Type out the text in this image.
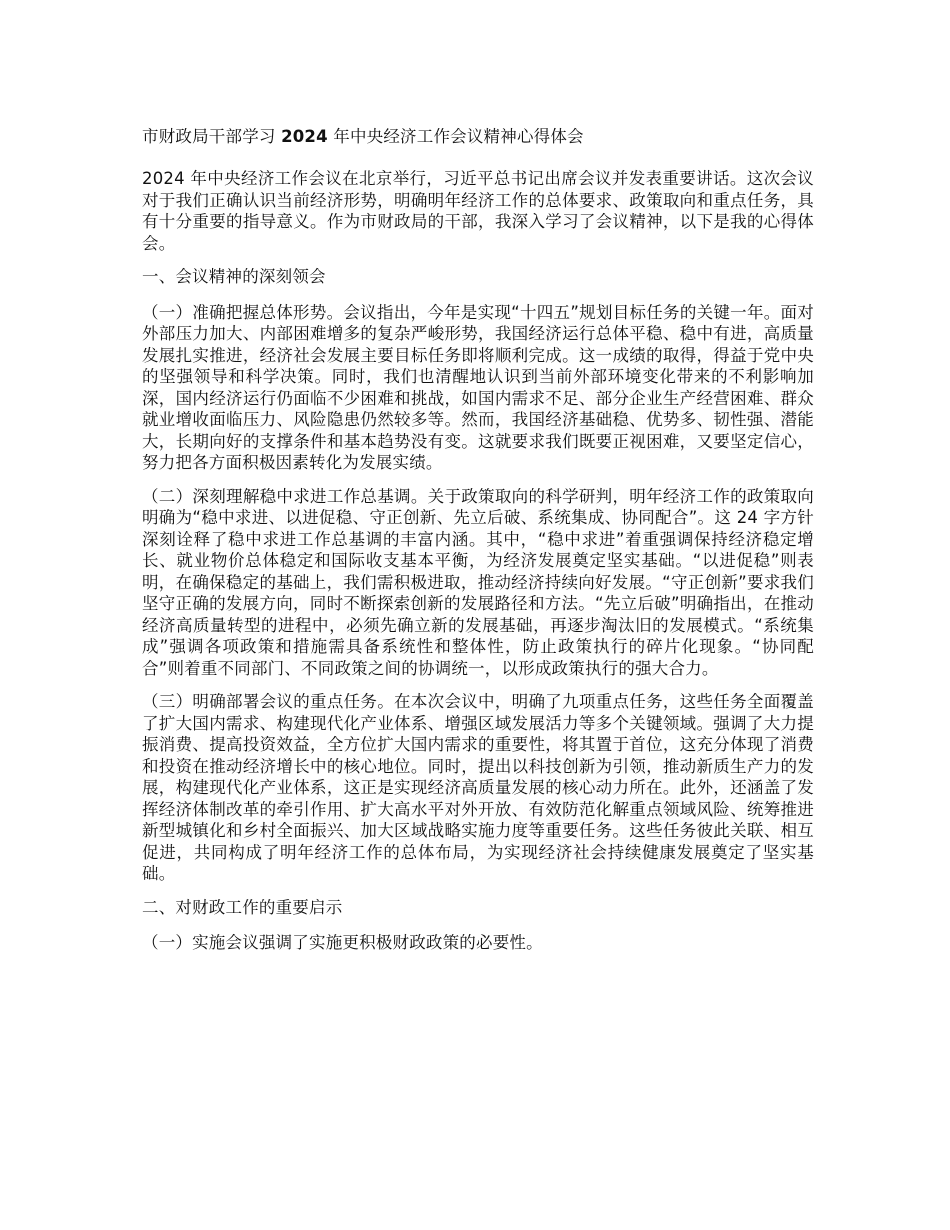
市财政局干部学习 2024 年中央经济工作会议精神心得体会

2024 年中央经济工作会议在北京举行，习近平总书记出席会议并发表重要讲话。这次会议对于我们正确认识当前经济形势，明确明年经济工作的总体要求、政策取向和重点任务，具有十分重要的指导意义。作为市财政局的干部，我深入学习了会议精神，以下是我的心得体会。

一、会议精神的深刻领会

（一）准确把握总体形势。会议指出，今年是实现“十四五”规划目标任务的关键一年。面对外部压力加大、内部困难增多的复杂严峻形势，我国经济运行总体平稳、稳中有进，高质量发展扎实推进，经济社会发展主要目标任务即将顺利完成。这一成绩的取得，得益于党中央的坚强领导和科学决策。同时，我们也清醒地认识到当前外部环境变化带来的不利影响加深，国内经济运行仍面临不少困难和挑战，如国内需求不足、部分企业生产经营困难、群众就业增收面临压力、风险隐患仍然较多等。然而，我国经济基础稳、优势多、韧性强、潜能大，长期向好的支撑条件和基本趋势没有变。这就要求我们既要正视困难，又要坚定信心，努力把各方面积极因素转化为发展实绩。

（二）深刻理解稳中求进工作总基调。关于政策取向的科学研判，明年经济工作的政策取向明确为“稳中求进、以进促稳、守正创新、先立后破、系统集成、协同配合”。这 24 字方针深刻诠释了稳中求进工作总基调的丰富内涵。其中，“稳中求进”着重强调保持经济稳定增长、就业物价总体稳定和国际收支基本平衡，为经济发展奠定坚实基础。“以进促稳”则表明，在确保稳定的基础上，我们需积极进取，推动经济持续向好发展。“守正创新”要求我们坚守正确的发展方向，同时不断探索创新的发展路径和方法。“先立后破”明确指出，在推动经济高质量转型的进程中，必须先确立新的发展基础，再逐步淘汰旧的发展模式。“系统集成”强调各项政策和措施需具备系统性和整体性，防止政策执行的碎片化现象。“协同配合”则着重不同部门、不同政策之间的协调统一，以形成政策执行的强大合力。

（三）明确部署会议的重点任务。在本次会议中，明确了九项重点任务，这些任务全面覆盖了扩大国内需求、构建现代化产业体系、增强区域发展活力等多个关键领域。强调了大力提振消费、提高投资效益，全方位扩大国内需求的重要性，将其置于首位，这充分体现了消费和投资在推动经济增长中的核心地位。同时，提出以科技创新为引领，推动新质生产力的发展，构建现代化产业体系，这正是实现经济高质量发展的核心动力所在。此外，还涵盖了发挥经济体制改革的牵引作用、扩大高水平对外开放、有效防范化解重点领域风险、统筹推进新型城镇化和乡村全面振兴、加大区域战略实施力度等重要任务。这些任务彼此关联、相互促进，共同构成了明年经济工作的总体布局，为实现经济社会持续健康发展奠定了坚实基础。

二、对财政工作的重要启示

（一）实施会议强调了实施更积极财政政策的必要性。
